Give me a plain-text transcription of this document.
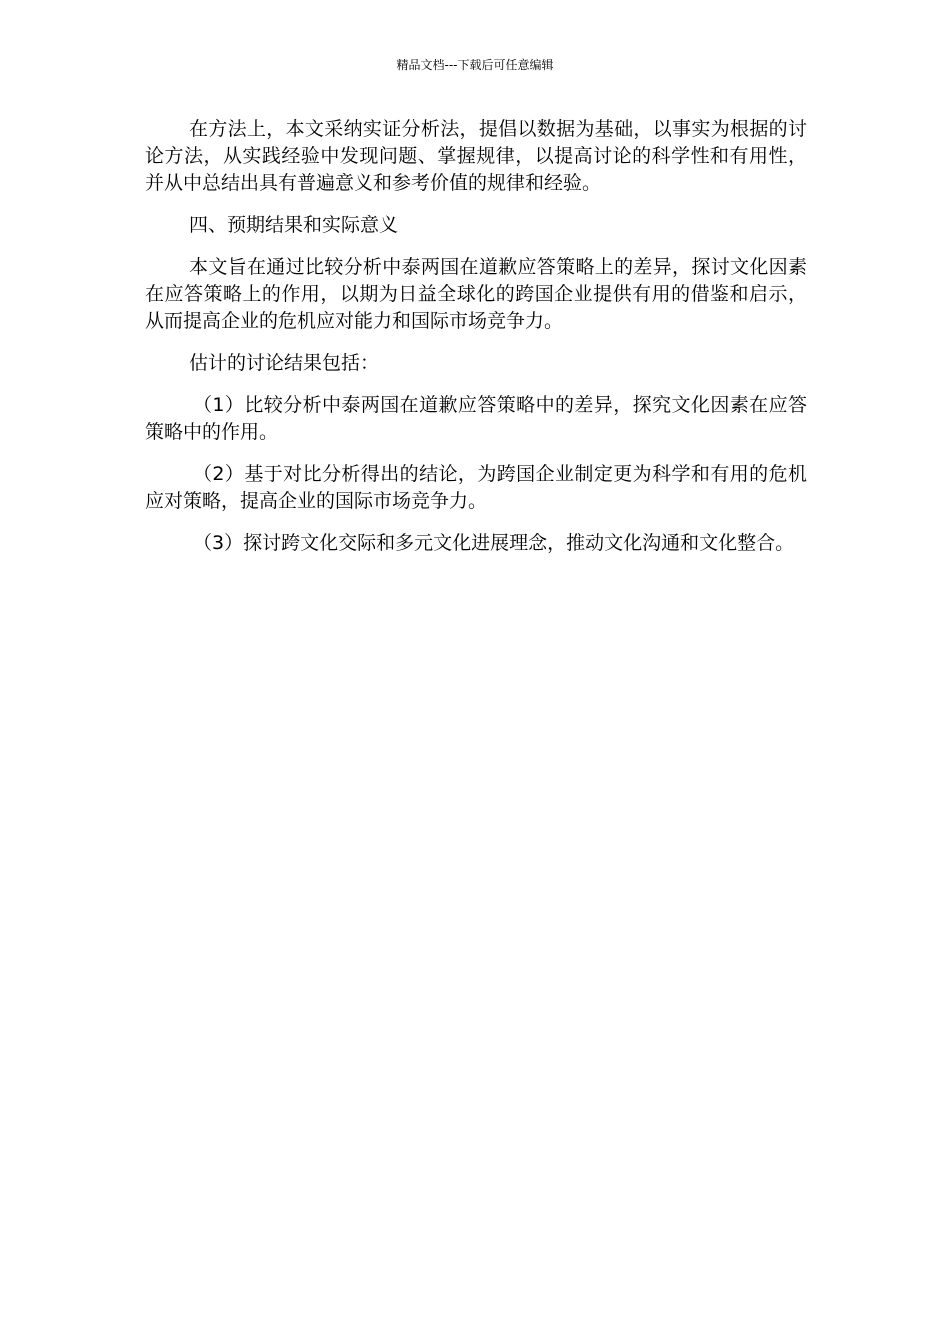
精品文档---下载后可任意编辑

在方法上，本文采纳实证分析法，提倡以数据为基础，以事实为根据的讨论方法，从实践经验中发现问题、掌握规律，以提高讨论的科学性和有用性，并从中总结出具有普遍意义和参考价值的规律和经验。

四、预期结果和实际意义

本文旨在通过比较分析中泰两国在道歉应答策略上的差异，探讨文化因素在应答策略上的作用，以期为日益全球化的跨国企业提供有用的借鉴和启示，从而提高企业的危机应对能力和国际市场竞争力。

估计的讨论结果包括：

（1）比较分析中泰两国在道歉应答策略中的差异，探究文化因素在应答策略中的作用。

（2）基于对比分析得出的结论，为跨国企业制定更为科学和有用的危机应对策略，提高企业的国际市场竞争力。

（3）探讨跨文化交际和多元文化进展理念，推动文化沟通和文化整合。
